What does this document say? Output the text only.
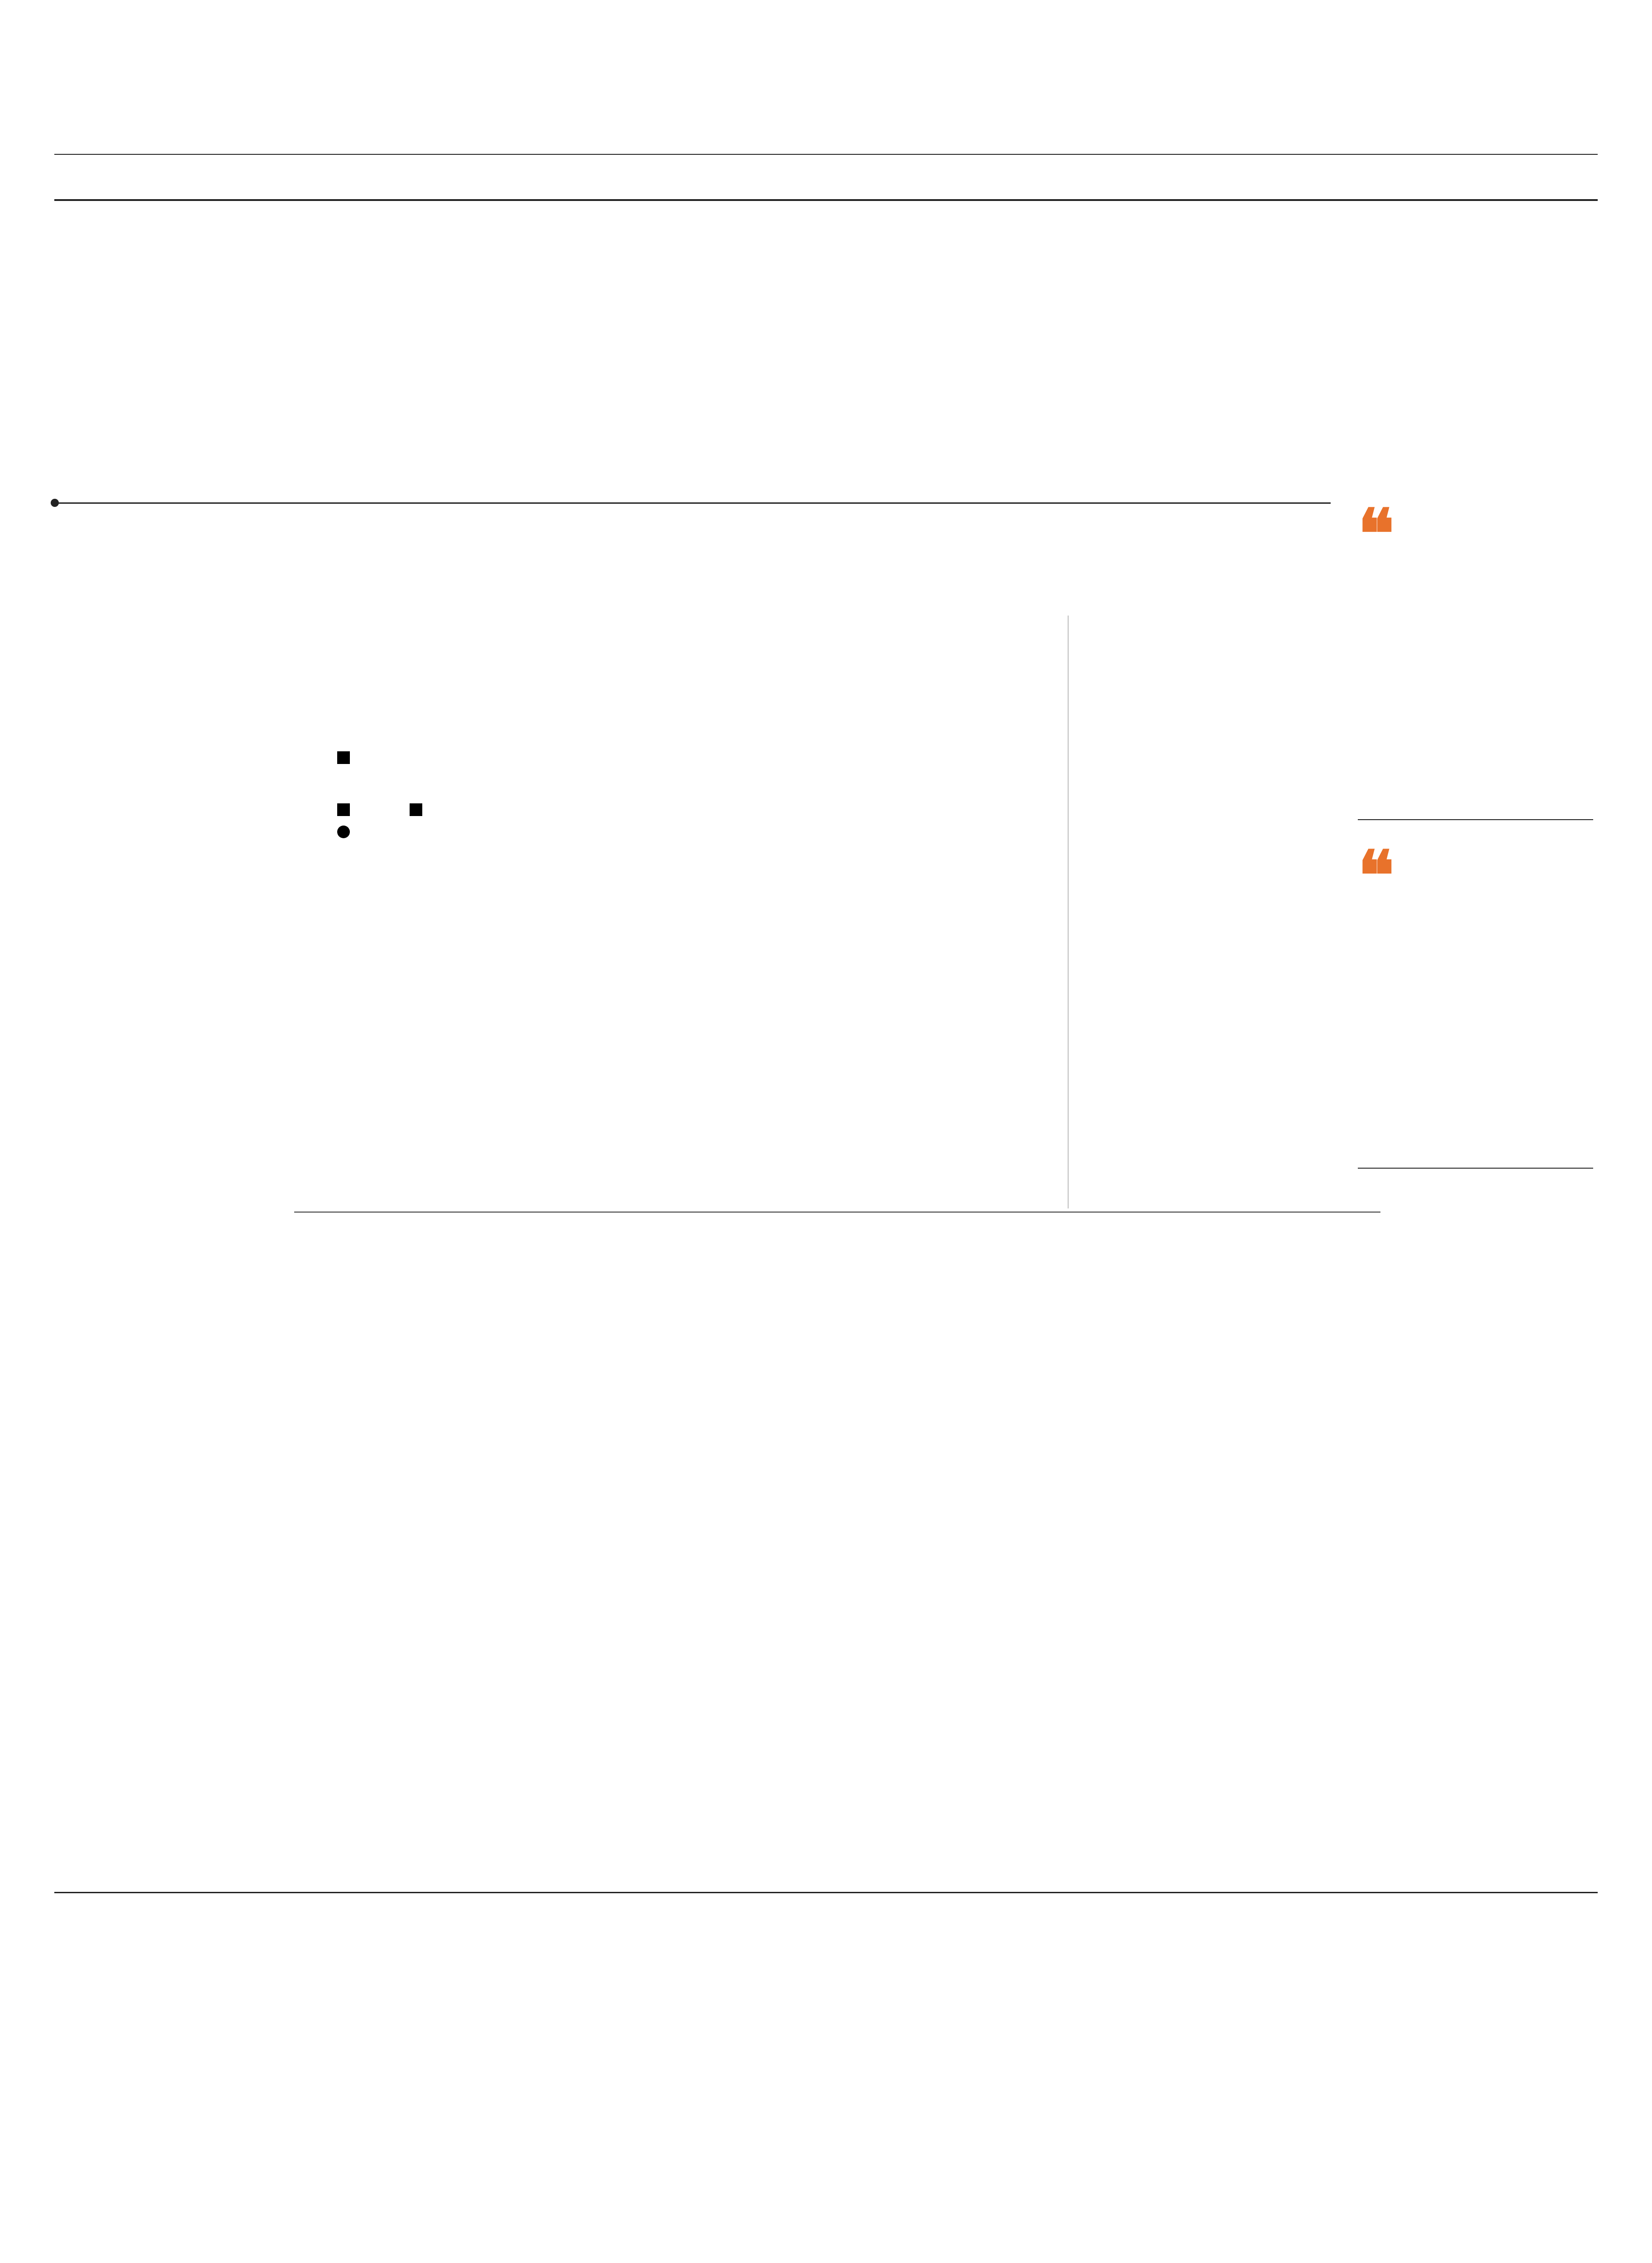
❝
❝
